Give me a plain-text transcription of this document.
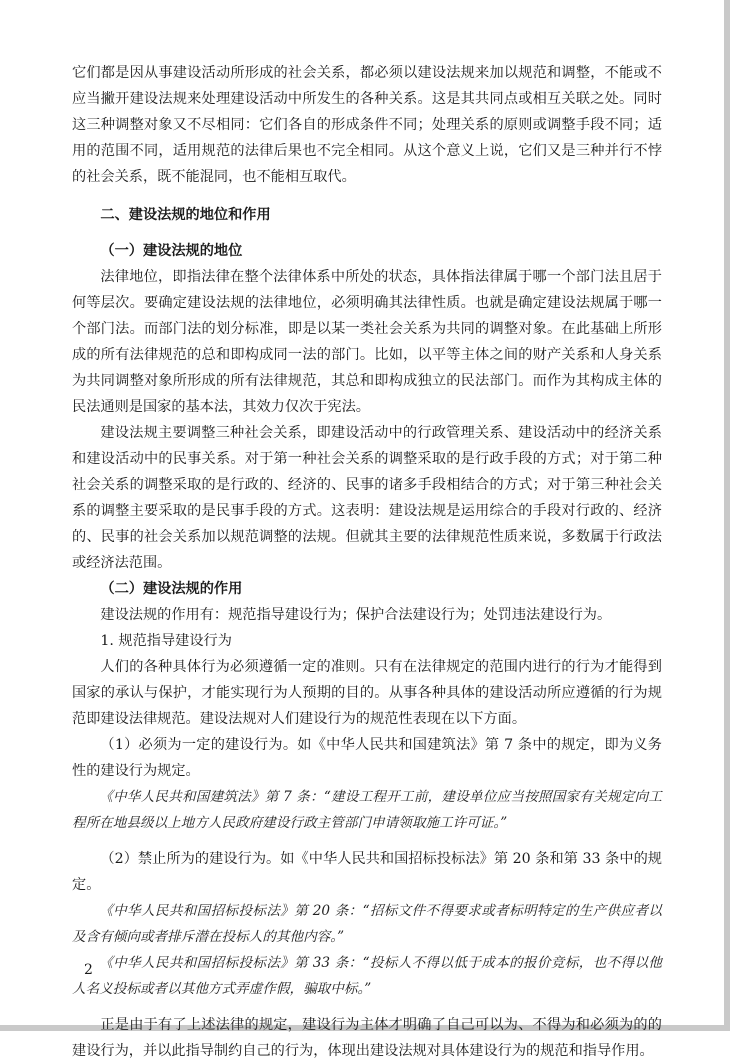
它们都是因从事建设活动所形成的社会关系，都必须以建设法规来加以规范和调整，不能或不应当撇开建设法规来处理建设活动中所发生的各种关系。这是其共同点或相互关联之处。同时这三种调整对象又不尽相同：它们各自的形成条件不同；处理关系的原则或调整手段不同；适用的范围不同，适用规范的法律后果也不完全相同。从这个意义上说，它们又是三种并行不悖的社会关系，既不能混同，也不能相互取代。

二、建设法规的地位和作用
（一）建设法规的地位

法律地位，即指法律在整个法律体系中所处的状态，具体指法律属于哪一个部门法且居于何等层次。要确定建设法规的法律地位，必须明确其法律性质。也就是确定建设法规属于哪一个部门法。而部门法的划分标准，即是以某一类社会关系为共同的调整对象。在此基础上所形成的所有法律规范的总和即构成同一法的部门。比如，以平等主体之间的财产关系和人身关系为共同调整对象所形成的所有法律规范，其总和即构成独立的民法部门。而作为其构成主体的民法通则是国家的基本法，其效力仅次于宪法。

建设法规主要调整三种社会关系，即建设活动中的行政管理关系、建设活动中的经济关系和建设活动中的民事关系。对于第一种社会关系的调整采取的是行政手段的方式；对于第二种社会关系的调整采取的是行政的、经济的、民事的诸多手段相结合的方式；对于第三种社会关系的调整主要采取的是民事手段的方式。这表明：建设法规是运用综合的手段对行政的、经济的、民事的社会关系加以规范调整的法规。但就其主要的法律规范性质来说，多数属于行政法或经济法范围。

（二）建设法规的作用

建设法规的作用有：规范指导建设行为；保护合法建设行为；处罚违法建设行为。

1. 规范指导建设行为

人们的各种具体行为必须遵循一定的准则。只有在法律规定的范围内进行的行为才能得到国家的承认与保护，才能实现行为人预期的目的。从事各种具体的建设活动所应遵循的行为规范即建设法律规范。建设法规对人们建设行为的规范性表现在以下方面。

（1）必须为一定的建设行为。如《中华人民共和国建筑法》第 7 条中的规定，即为义务性的建设行为规定。

《中华人民共和国建筑法》第 7 条：“建设工程开工前，建设单位应当按照国家有关规定向工程所在地县级以上地方人民政府建设行政主管部门申请领取施工许可证。”

（2）禁止所为的建设行为。如《中华人民共和国招标投标法》第 20 条和第 33 条中的规定。

《中华人民共和国招标投标法》第 20 条：“招标文件不得要求或者标明特定的生产供应者以及含有倾向或者排斥潜在投标人的其他内容。”

《中华人民共和国招标投标法》第 33 条：“投标人不得以低于成本的报价竞标，也不得以他人名义投标或者以其他方式弄虚作假，骗取中标。”

正是由于有了上述法律的规定，建设行为主体才明确了自己可以为、不得为和必须为的的建设行为，并以此指导制约自己的行为，体现出建设法规对具体建设行为的规范和指导作用。

2
